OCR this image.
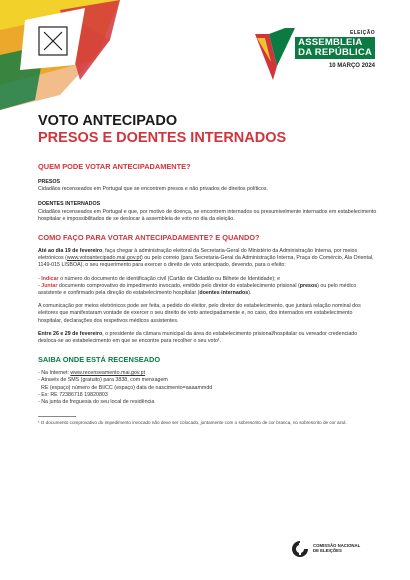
ELEIÇÃO
ASSEMBLEIA
DA REPÚBLICA
10 MARÇO 2024
VOTO ANTECIPADO
PRESOS E DOENTES INTERNADOS
QUEM PODE VOTAR ANTECIPADAMENTE?
PRESOS
Cidadãos recenseados em Portugal que se encontrem presos e não privados de direitos políticos.
DOENTES INTERNADOS
Cidadãos recenseados em Portugal e que, por motivo de doença, se encontrem internados ou presumivelmente internados em estabelecimento hospitalar e impossibilitados de se deslocar à assembleia de voto no dia da eleição.
COMO FAÇO PARA VOTAR ANTECIPADAMENTE? E QUANDO?
Até ao dia 19 de fevereiro, faça chegar à administração eleitoral da Secretaria-Geral do Ministério da Administração Interna, por meios eletrónicos (www.votoantecipado.mai.gov.pt) ou pelo correio (para Secretaria-Geral da Administração Interna, Praça do Comércio, Ala Oriental, 1149-015 LISBOA), o seu requerimento para exercer o direito de voto antecipado, devendo, para o efeito:
- Indicar o número do documento de identificação civil (Cartão de Cidadão ou Bilhete de Identidade); e
- Juntar documento comprovativo do impedimento invocado, emitido pelo diretor do estabelecimento prisional (presos) ou pelo médico assistente e confirmado pela direção do estabelecimento hospitalar (doentes internados).
A comunicação por meios eletrónicos pode ser feita, a pedido do eleitor, pelo diretor do estabelecimento, que juntará relação nominal dos eleitores que manifestaram vontade de exercer o seu direito de voto antecipadamente e, no caso, dos internados em estabelecimento hospitalar, declarações dos respetivos médicos assistentes.
Entre 26 e 29 de fevereiro, o presidente da câmara municipal da área do estabelecimento prisional/hospitalar ou vereador credenciado desloca-se ao estabelecimento em que se encontre para recolher o seu voto¹.
SAIBA ONDE ESTÁ RECENSEADO
- Na Internet: www.recenseamento.mai.gov.pt
- Através de SMS (gratuito) para 3838, com mensagem
RE (espaço) número de BI/CC (espaço) data de nascimento=aaaammdd
- Ex: RE 72386718 19820803
- Na junta de freguesia do seu local de residência
¹ O documento comprovativo do impedimento invocado não deve ser colocado, juntamente com o sobrescrito de cor branca, no sobrescrito de cor azul.
COMISSÃO NACIONAL
DE ELEIÇÕES
